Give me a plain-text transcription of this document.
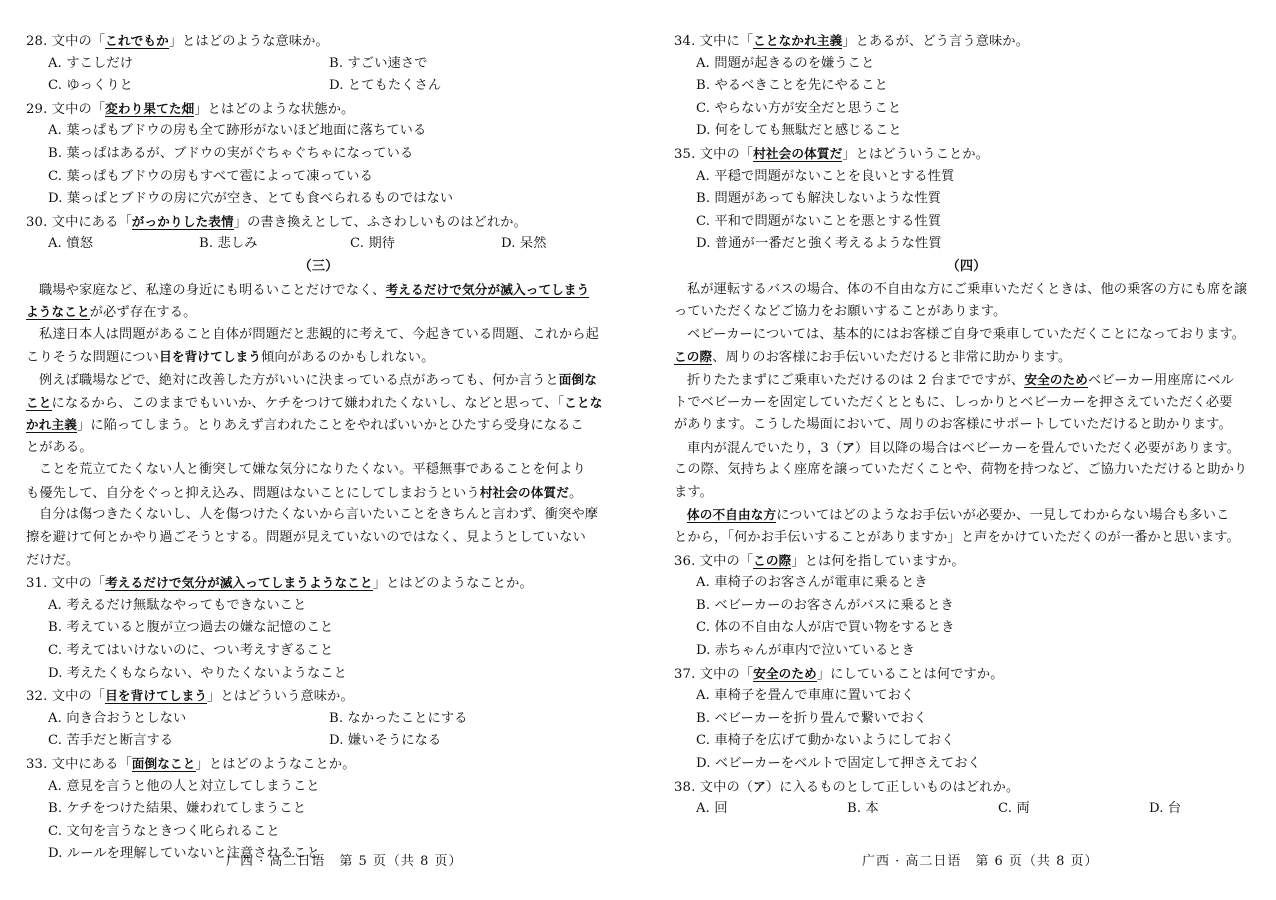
28. 文中の「これでもか」とはどのような意味か。
A. すこしだけ	B. すごい速さで
C. ゆっくりと	D. とてもたくさん
29. 文中の「変わり果てた畑」とはどのような状態か。
A. 葉っぱもブドウの房も全て跡形がないほど地面に落ちている
B. 葉っぱはあるが、ブドウの実がぐちゃぐちゃになっている
C. 葉っぱもブドウの房もすべて雹によって凍っている
D. 葉っぱとブドウの房に穴が空き、とても食べられるものではない
30. 文中にある「がっかりした表情」の書き換えとして、ふさわしいものはどれか。
A. 憤怒	B. 悲しみ	C. 期待	D. 呆然
（三）
職場や家庭など、私達の身近にも明るいことだけでなく、考えるだけで気分が滅入ってしまう
ようなことが必ず存在する。
私達日本人は問題があること自体が問題だと悲観的に考えて、今起きている問題、これから起
こりそうな問題につい目を背けてしまう傾向があるのかもしれない。
例えば職場などで、絶対に改善した方がいいに決まっている点があっても、何か言うと面倒な
ことになるから、このままでもいいか、ケチをつけて嫌われたくないし、などと思って、「ことな
かれ主義」に陥ってしまう。とりあえず言われたことをやればいいかとひたすら受身になるこ
とがある。
ことを荒立てたくない人と衝突して嫌な気分になりたくない。平穏無事であることを何より
も優先して、自分をぐっと抑え込み、問題はないことにしてしまおうという村社会の体質だ。
自分は傷つきたくないし、人を傷つけたくないから言いたいことをきちんと言わず、衝突や摩
擦を避けて何とかやり過ごそうとする。問題が見えていないのではなく、見ようとしていない
だけだ。
31. 文中の「考えるだけで気分が滅入ってしまうようなこと」とはどのようなことか。
A. 考えるだけ無駄なやってもできないこと
B. 考えていると腹が立つ過去の嫌な記憶のこと
C. 考えてはいけないのに、つい考えすぎること
D. 考えたくもならない、やりたくないようなこと
32. 文中の「目を背けてしまう」とはどういう意味か。
A. 向き合おうとしない	B. なかったことにする
C. 苦手だと断言する	D. 嫌いそうになる
33. 文中にある「面倒なこと」とはどのようなことか。
A. 意見を言うと他の人と対立してしまうこと
B. ケチをつけた結果、嫌われてしまうこと
C. 文句を言うなときつく叱られること
D. ルールを理解していないと注意されること
广西 · 高二日语　第 5 页（共 8 页）
34. 文中に「ことなかれ主義」とあるが、どう言う意味か。
A. 問題が起きるのを嫌うこと
B. やるべきことを先にやること
C. やらない方が安全だと思うこと
D. 何をしても無駄だと感じること
35. 文中の「村社会の体質だ」とはどういうことか。
A. 平穏で問題がないことを良いとする性質
B. 問題があっても解決しないような性質
C. 平和で問題がないことを悪とする性質
D. 普通が一番だと強く考えるような性質
（四）
私が運転するバスの場合、体の不自由な方にご乗車いただくときは、他の乗客の方にも席を譲
っていただくなどご協力をお願いすることがあります。
ベビーカーについては、基本的にはお客様ご自身で乗車していただくことになっております。
この際、周りのお客様にお手伝いいただけると非常に助かります。
折りたたまずにご乗車いただけるのは 2 台までですが、安全のためベビーカー用座席にベル
トでベビーカーを固定していただくとともに、しっかりとベビーカーを押さえていただく必要
があります。こうした場面において、周りのお客様にサポートしていただけると助かります。
車内が混んでいたり，3（ア）目以降の場合はベビーカーを畳んでいただく必要があります。
この際、気持ちよく座席を譲っていただくことや、荷物を持つなど、ご協力いただけると助かり
ます。
体の不自由な方についてはどのようなお手伝いが必要か、一見してわからない場合も多いこ
とから，「何かお手伝いすることがありますか」と声をかけていただくのが一番かと思います。
36. 文中の「この際」とは何を指していますか。
A. 車椅子のお客さんが電車に乗るとき
B. ベビーカーのお客さんがバスに乗るとき
C. 体の不自由な人が店で買い物をするとき
D. 赤ちゃんが車内で泣いているとき
37. 文中の「安全のため」にしていることは何ですか。
A. 車椅子を畳んで車庫に置いておく
B. ベビーカーを折り畳んで繋いでおく
C. 車椅子を広げて動かないようにしておく
D. ベビーカーをベルトで固定して押さえておく
38. 文中の（ア）に入るものとして正しいものはどれか。
A. 回	B. 本	C. 両	D. 台
广西 · 高二日语　第 6 页（共 8 页）
